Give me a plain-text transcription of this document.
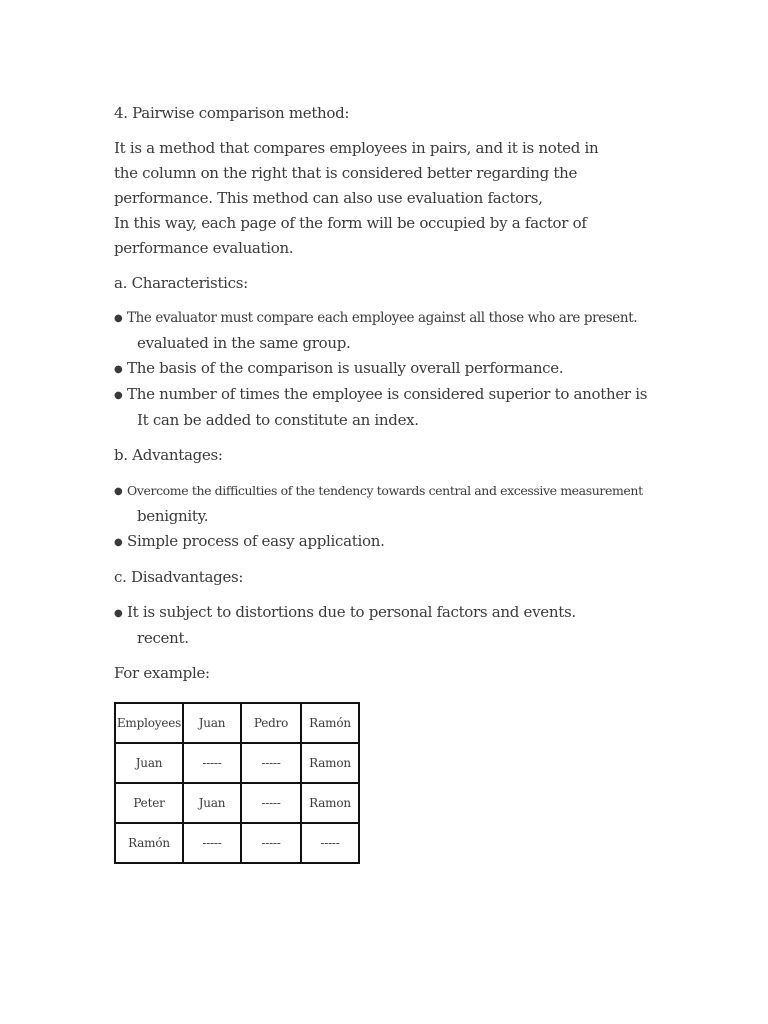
4. Pairwise comparison method:
It is a method that compares employees in pairs, and it is noted in
the column on the right that is considered better regarding the
performance. This method can also use evaluation factors,
In this way, each page of the form will be occupied by a factor of
performance evaluation.
a. Characteristics:
● The evaluator must compare each employee against all those who are present.
evaluated in the same group.
● The basis of the comparison is usually overall performance.
● The number of times the employee is considered superior to another is
It can be added to constitute an index.
b. Advantages:
● Overcome the difficulties of the tendency towards central and excessive measurement
benignity.
● Simple process of easy application.
c. Disadvantages:
● It is subject to distortions due to personal factors and events.
recent.
For example:
Employees	Juan	Pedro	Ramón
Juan	-----	-----	Ramon
Peter	Juan	-----	Ramon
Ramón	-----	-----	-----
